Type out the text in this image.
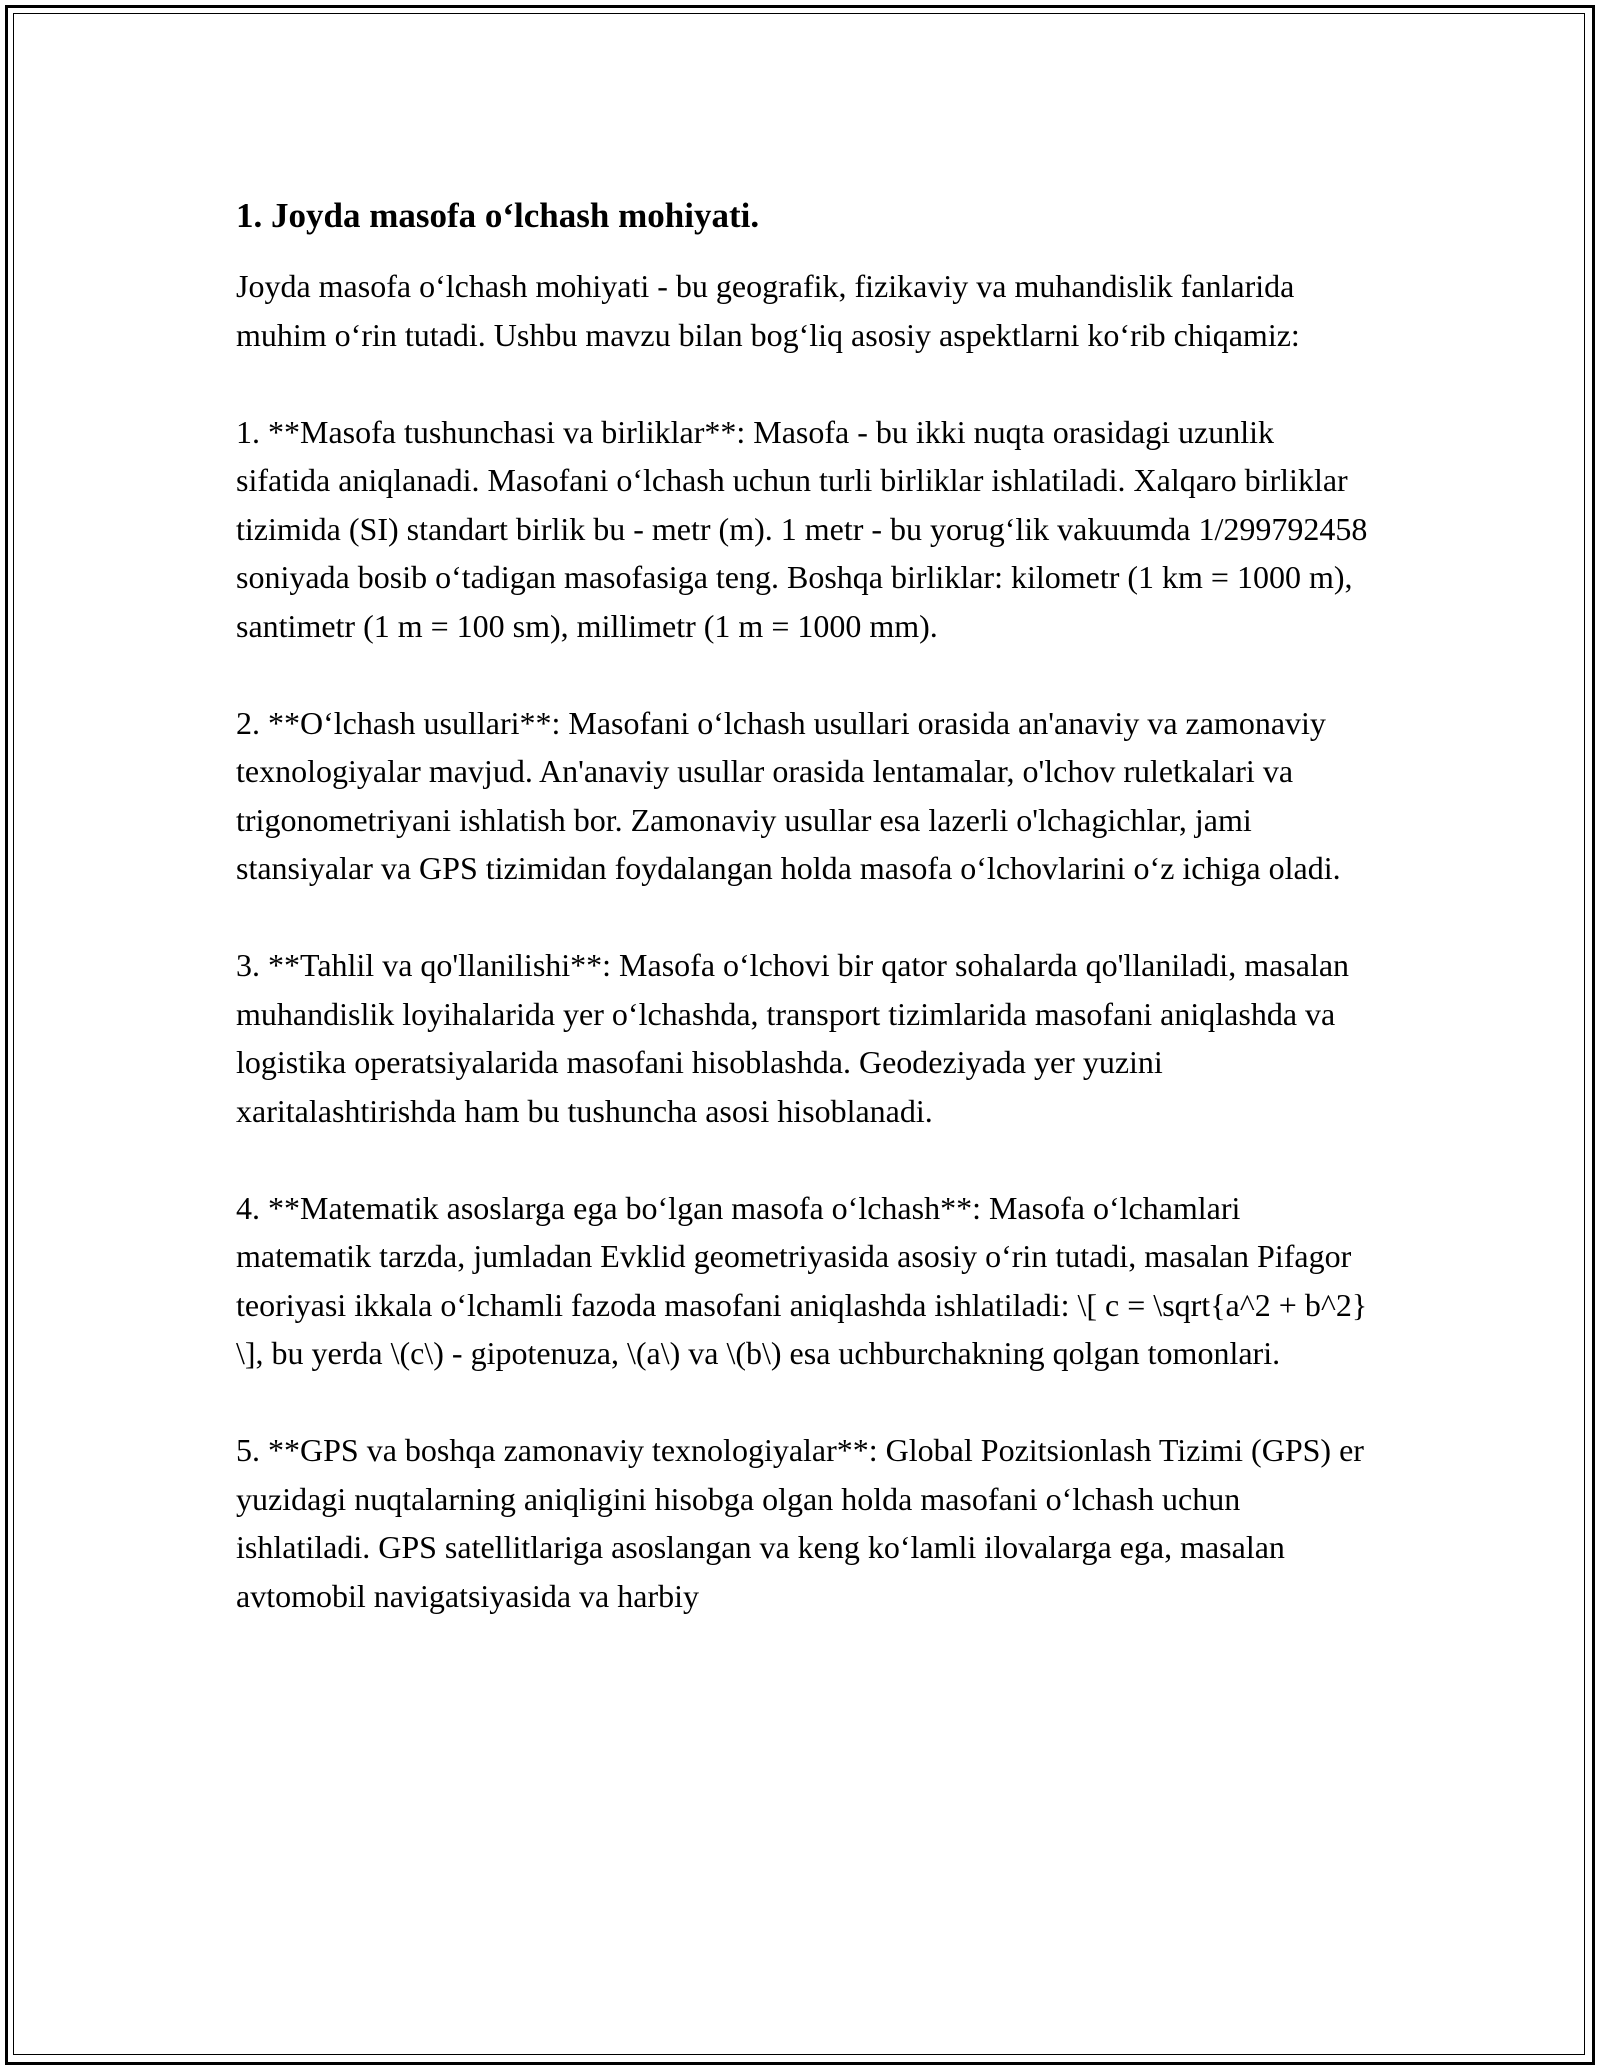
1. Joyda masofa o‘lchash mohiyati.

Joyda masofa o‘lchash mohiyati - bu geografik, fizikaviy va muhandislik fanlarida muhim o‘rin tutadi. Ushbu mavzu bilan bog‘liq asosiy aspektlarni ko‘rib chiqamiz:

1. **Masofa tushunchasi va birliklar**: Masofa - bu ikki nuqta orasidagi uzunlik sifatida aniqlanadi. Masofani o‘lchash uchun turli birliklar ishlatiladi. Xalqaro birliklar tizimida (SI) standart birlik bu - metr (m). 1 metr - bu yorug‘lik vakuumda 1/299792458 soniyada bosib o‘tadigan masofasiga teng. Boshqa birliklar: kilometr (1 km = 1000 m), santimetr (1 m = 100 sm), millimetr (1 m = 1000 mm).

2. **O‘lchash usullari**: Masofani o‘lchash usullari orasida an'anaviy va zamonaviy texnologiyalar mavjud. An'anaviy usullar orasida lentamalar, o'lchov ruletkalari va trigonometriyani ishlatish bor. Zamonaviy usullar esa lazerli o'lchagichlar, jami stansiyalar va GPS tizimidan foydalangan holda masofa o‘lchovlarini o‘z ichiga oladi.

3. **Tahlil va qo'llanilishi**: Masofa o‘lchovi bir qator sohalarda qo'llaniladi, masalan muhandislik loyihalarida yer o‘lchashda, transport tizimlarida masofani aniqlashda va logistika operatsiyalarida masofani hisoblashda. Geodeziyada yer yuzini xaritalashtirishda ham bu tushuncha asosi hisoblanadi.

4. **Matematik asoslarga ega bo‘lgan masofa o‘lchash**: Masofa o‘lchamlari matematik tarzda, jumladan Evklid geometriyasida asosiy o‘rin tutadi, masalan Pifagor teoriyasi ikkala o‘lchamli fazoda masofani aniqlashda ishlatiladi: \[ c = \sqrt{a^2 + b^2} \], bu yerda \(c\) - gipotenuza, \(a\) va \(b\) esa uchburchakning qolgan tomonlari.

5. **GPS va boshqa zamonaviy texnologiyalar**: Global Pozitsionlash Tizimi (GPS) er yuzidagi nuqtalarning aniqligini hisobga olgan holda masofani o‘lchash uchun ishlatiladi. GPS satellitlariga asoslangan va keng ko‘lamli ilovalarga ega, masalan avtomobil navigatsiyasida va harbiy
